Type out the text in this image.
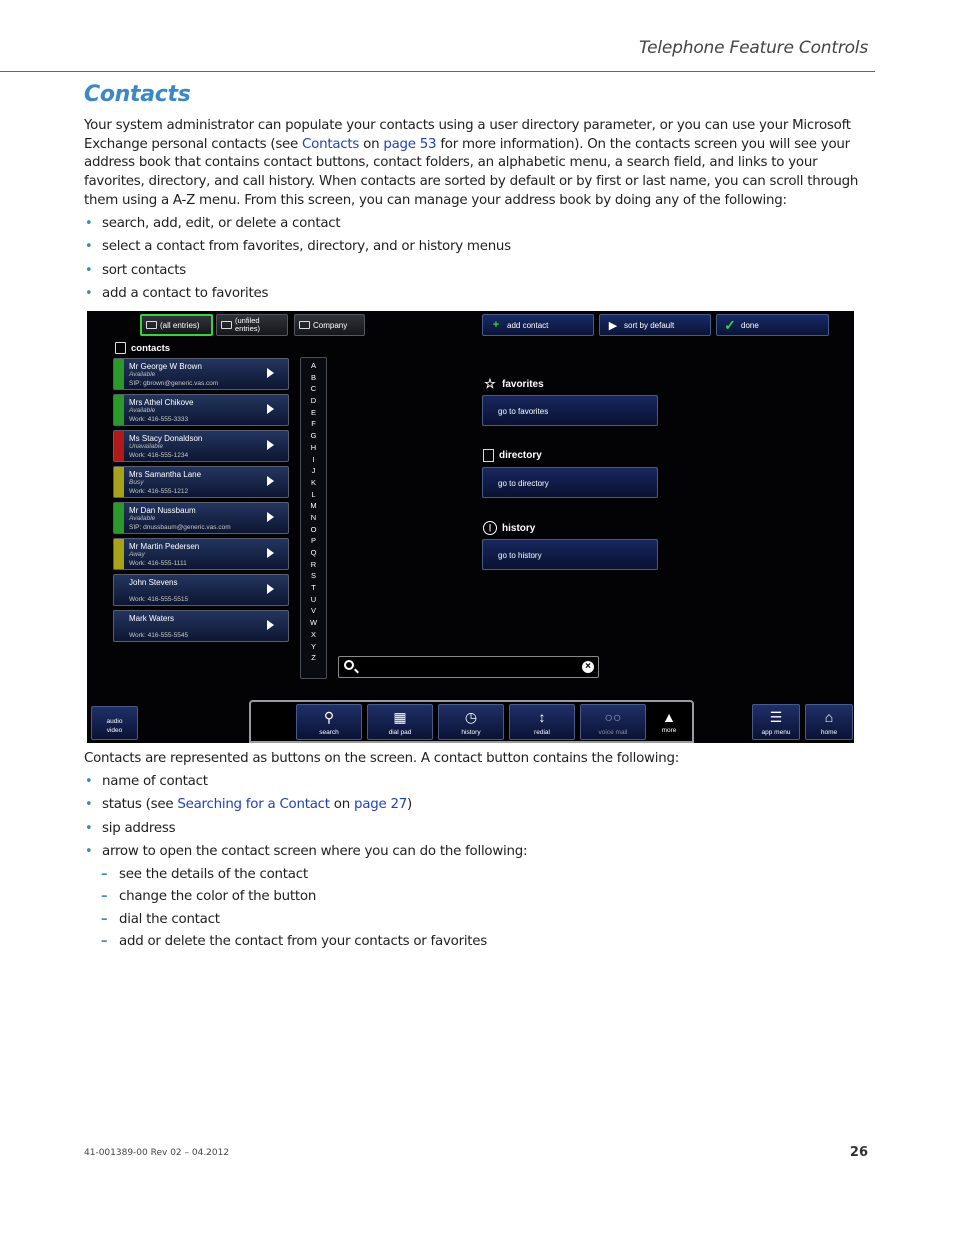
Telephone Feature Controls
Contacts

Your system administrator can populate your contacts using a user directory parameter, or you can use your Microsoft Exchange personal contacts (see Contacts on page 53 for more information). On the contacts screen you will see your address book that contains contact buttons, contact folders, an alphabetic menu, a search field, and links to your favorites, directory, and call history. When contacts are sorted by default or by first or last name, you can scroll through them using a A-Z menu. From this screen, you can manage your address book by doing any of the following:

• search, add, edit, or delete a contact
• select a contact from favorites, directory, and or history menus
• sort contacts
• add a contact to favorites
(all entries)	(unfiled
entries)	Company	+ add contact	▶ sort by default	✓ done
contacts
Mr George W Brown
Available
SIP: gbrown@generic.vas.com
Mrs Athel Chikove
Available
Work: 416-555-3333
Ms Stacy Donaldson
Unavailable
Work: 416-555-1234
Mrs Samantha Lane
Busy
Work: 416-555-1212
Mr Dan Nussbaum
Available
SIP: dnussbaum@generic.vas.com
Mr Martin Pedersen
Away
Work: 416-555-1111
John Stevens
Work: 416-555-5515
Mark Waters
Work: 416-555-5545
A
B
C
D
E
F
G
H
I
J
K
L
M
N
O
P
Q
R
S
T
U
V
W
X
Y
Z
☆ favorites
go to favorites
directory
go to directory
|	history
go to history
×
audio
video
⚲
search
▦
dial pad
◷
history
↕
redial
○○
voice mail
▲
more
☰
app menu
⌂
home

Contacts are represented as buttons on the screen. A contact button contains the following:

• name of contact
• status (see Searching for a Contact on page 27)
• sip address
• arrow to open the contact screen where you can do the following:
– see the details of the contact
– change the color of the button
– dial the contact
– add or delete the contact from your contacts or favorites
41-001389-00 Rev 02 – 04.2012	26
